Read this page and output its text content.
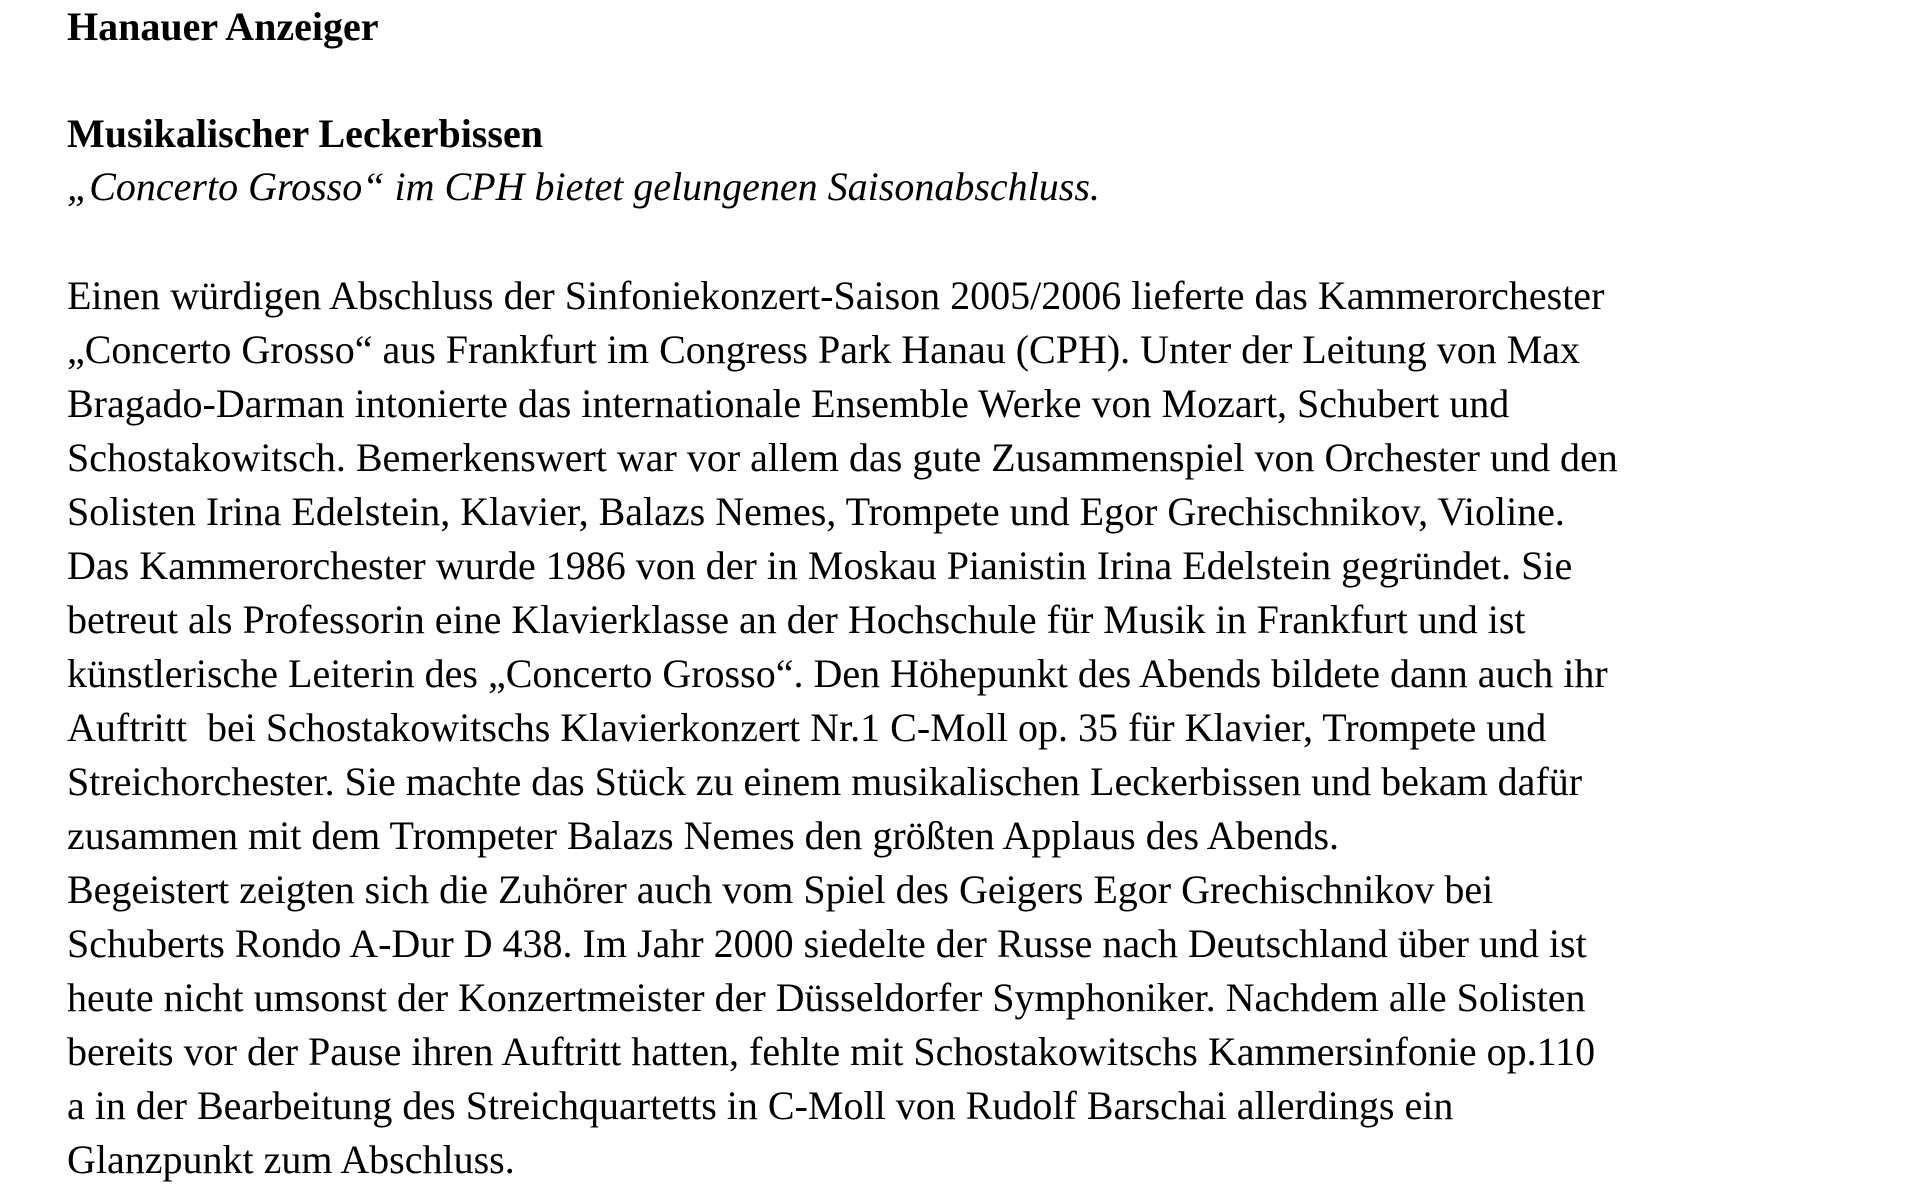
Hanauer Anzeiger
Musikalischer Leckerbissen
„Concerto Grosso“ im CPH bietet gelungenen Saisonabschluss.
Einen würdigen Abschluss der Sinfoniekonzert-Saison 2005/2006 lieferte das Kammerorchester
„Concerto Grosso“ aus Frankfurt im Congress Park Hanau (CPH). Unter der Leitung von Max
Bragado-Darman intonierte das internationale Ensemble Werke von Mozart, Schubert und
Schostakowitsch. Bemerkenswert war vor allem das gute Zusammenspiel von Orchester und den
Solisten Irina Edelstein, Klavier, Balazs Nemes, Trompete und Egor Grechischnikov, Violine.
Das Kammerorchester wurde 1986 von der in Moskau Pianistin Irina Edelstein gegründet. Sie
betreut als Professorin eine Klavierklasse an der Hochschule für Musik in Frankfurt und ist
künstlerische Leiterin des „Concerto Grosso“. Den Höhepunkt des Abends bildete dann auch ihr
Auftritt  bei Schostakowitschs Klavierkonzert Nr.1 C-Moll op. 35 für Klavier, Trompete und
Streichorchester. Sie machte das Stück zu einem musikalischen Leckerbissen und bekam dafür
zusammen mit dem Trompeter Balazs Nemes den größten Applaus des Abends.
Begeistert zeigten sich die Zuhörer auch vom Spiel des Geigers Egor Grechischnikov bei
Schuberts Rondo A-Dur D 438. Im Jahr 2000 siedelte der Russe nach Deutschland über und ist
heute nicht umsonst der Konzertmeister der Düsseldorfer Symphoniker. Nachdem alle Solisten
bereits vor der Pause ihren Auftritt hatten, fehlte mit Schostakowitschs Kammersinfonie op.110
a in der Bearbeitung des Streichquartetts in C-Moll von Rudolf Barschai allerdings ein
Glanzpunkt zum Abschluss.
